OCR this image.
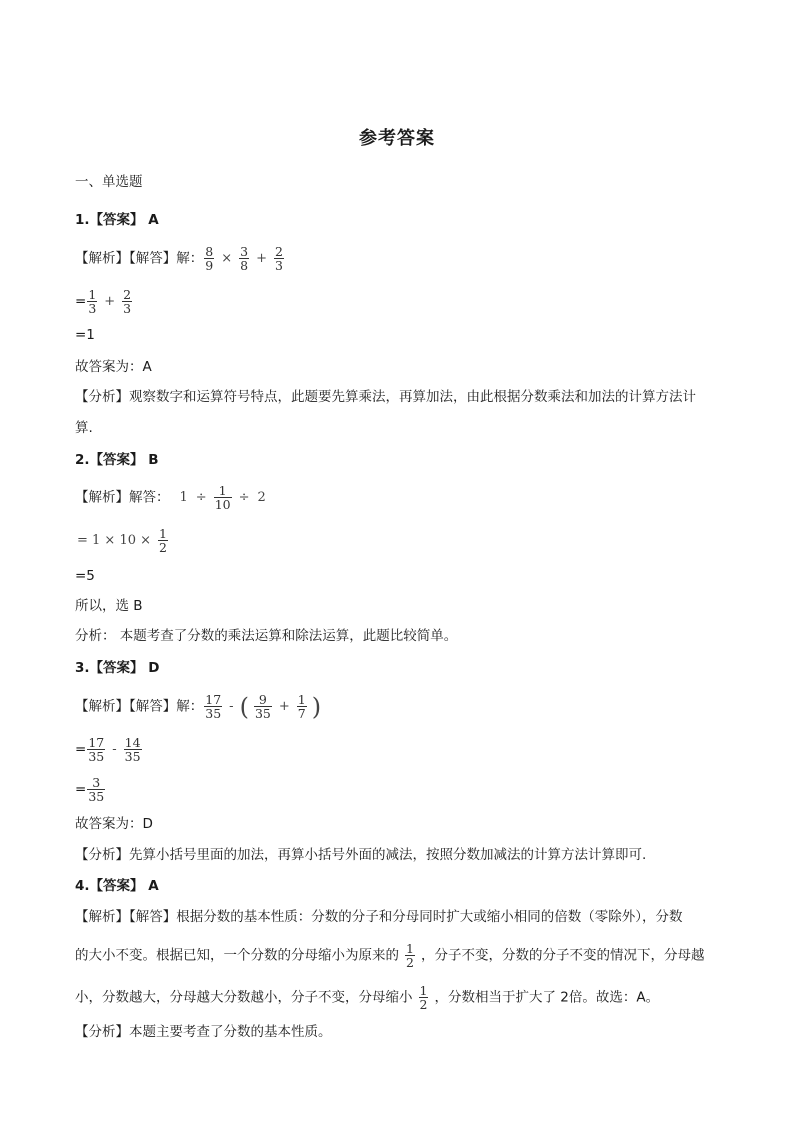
参考答案
一、单选题
1.【答案】 A
【解析】【解答】解： $\frac{8}{9} \times \frac{3}{8} + \frac{2}{3}$
= $\frac{1}{3} + \frac{2}{3}$
=1
故答案为：A
【分析】观察数字和运算符号特点，此题要先算乘法，再算加法，由此根据分数乘法和加法的计算方法计
算.
2.【答案】 B
【解析】解答： $1 \div \frac{1}{10} \div 2$
= $1 \times 10 \times \frac{1}{2}$
=5
所以，选 B
分析： 本题考查了分数的乘法运算和除法运算，此题比较简单。
3.【答案】 D
【解析】【解答】解： $\frac{17}{35}$ - ( $\frac{9}{35} + \frac{1}{7}$ )
= $\frac{17}{35} - \frac{14}{35}$
= $\frac{3}{35}$
故答案为：D
【分析】先算小括号里面的加法，再算小括号外面的减法，按照分数加减法的计算方法计算即可.
4.【答案】 A
【解析】【解答】根据分数的基本性质：分数的分子和分母同时扩大或缩小相同的倍数（零除外），分数
的大小不变。根据已知，一个分数的分母缩小为原来的 $\frac{1}{2}$ ，分子不变，分数的分子不变的情况下，分母越
小，分数越大，分母越大分数越小，分子不变，分母缩小 $\frac{1}{2}$ ，分数相当于扩大了 2倍。故选：A。
【分析】本题主要考查了分数的基本性质。
